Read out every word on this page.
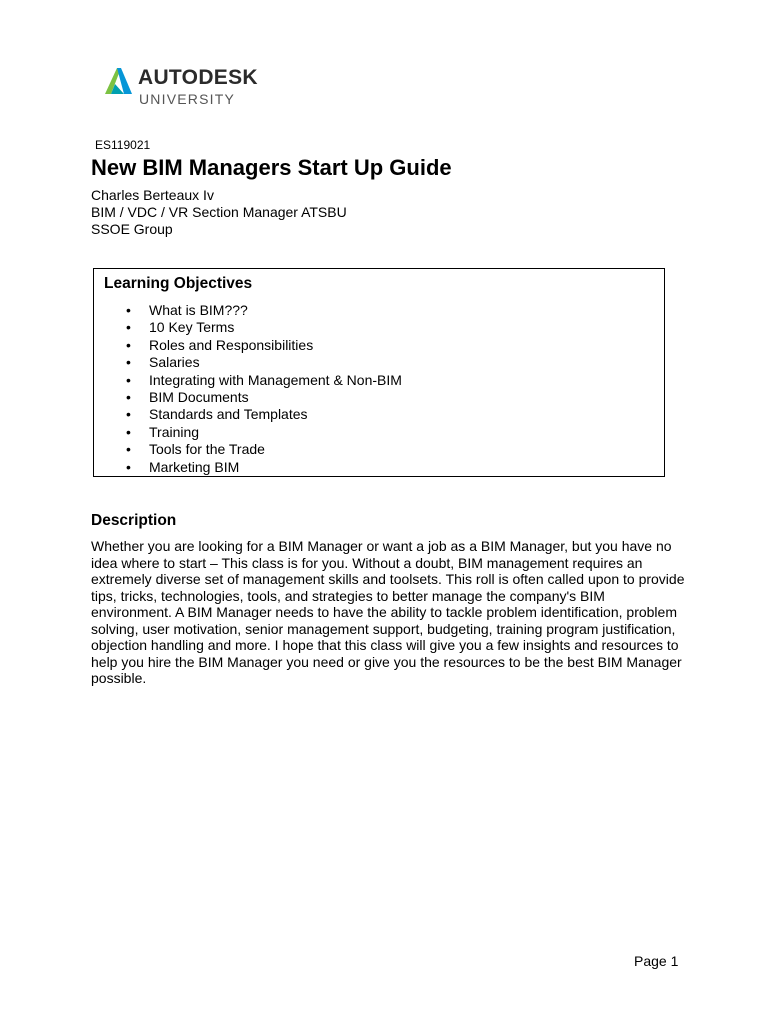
AUTODESK
UNIVERSITY
ES119021
New BIM Managers Start Up Guide
Charles Berteaux Iv
BIM / VDC / VR Section Manager ATSBU
SSOE Group
Learning Objectives
• What is BIM???
• 10 Key Terms
• Roles and Responsibilities
• Salaries
• Integrating with Management & Non-BIM
• BIM Documents
• Standards and Templates
• Training
• Tools for the Trade
• Marketing BIM
Description
Whether you are looking for a BIM Manager or want a job as a BIM Manager, but you have no idea where to start – This class is for you. Without a doubt, BIM management requires an extremely diverse set of management skills and toolsets. This roll is often called upon to provide tips, tricks, technologies, tools, and strategies to better manage the company's BIM environment. A BIM Manager needs to have the ability to tackle problem identification, problem solving, user motivation, senior management support, budgeting, training program justification, objection handling and more. I hope that this class will give you a few insights and resources to help you hire the BIM Manager you need or give you the resources to be the best BIM Manager possible.
Page 1
